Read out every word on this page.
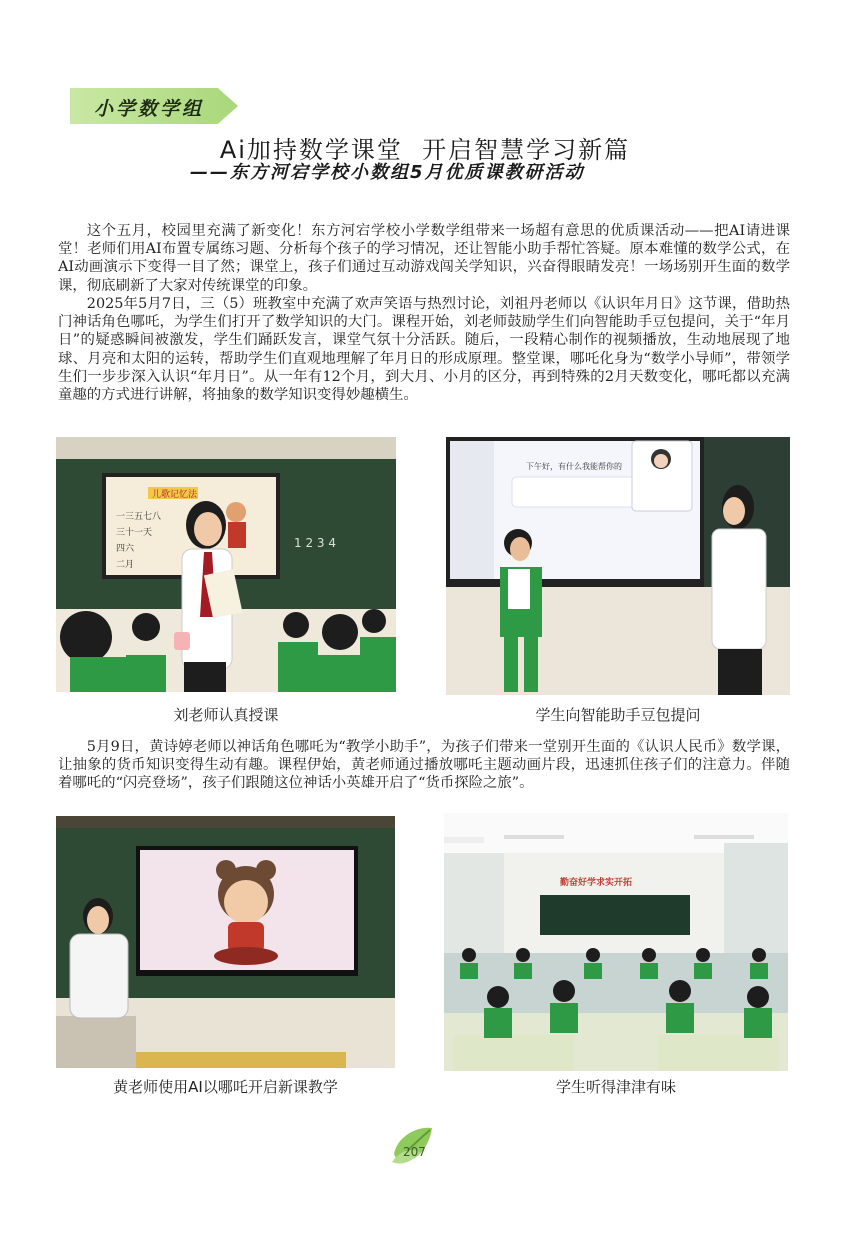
小学数学组
Ai加持数学课堂  开启智慧学习新篇
——东方河宕学校小数组5月优质课教研活动

这个五月，校园里充满了新变化！东方河宕学校小学数学组带来一场超有意思的优质课活动——把AI请进课堂！老师们用AI布置专属练习题、分析每个孩子的学习情况，还让智能小助手帮忙答疑。原本难懂的数学公式，在AI动画演示下变得一目了然；课堂上，孩子们通过互动游戏闯关学知识，兴奋得眼睛发亮！一场场别开生面的数学课，彻底刷新了大家对传统课堂的印象。

2025年5月7日，三（5）班教室中充满了欢声笑语与热烈讨论，刘祖丹老师以《认识年月日》这节课，借助热门神话角色哪吒，为学生们打开了数学知识的大门。课程开始，刘老师鼓励学生们向智能助手豆包提问，关于“年月日”的疑惑瞬间被激发，学生们踊跃发言，课堂气氛十分活跃。随后，一段精心制作的视频播放，生动地展现了地球、月亮和太阳的运转，帮助学生们直观地理解了年月日的形成原理。整堂课，哪吒化身为“数学小导师”，带领学生们一步步深入认识“年月日”。从一年有12个月，到大月、小月的区分，再到特殊的2月天数变化，哪吒都以充满童趣的方式进行讲解，将抽象的数学知识变得妙趣横生。

儿歌记忆法
一三五七八
三十一天
四六
二月
1 2 3 4
刘老师认真授课
下午好，有什么我能帮你的
学生向智能助手豆包提问

5月9日，黄诗婷老师以神话角色哪吒为“教学小助手”，为孩子们带来一堂别开生面的《认识人民币》数学课，让抽象的货币知识变得生动有趣。课程伊始，黄老师通过播放哪吒主题动画片段，迅速抓住孩子们的注意力。伴随着哪吒的“闪亮登场”，孩子们跟随这位神话小英雄开启了“货币探险之旅”。

黄老师使用AI以哪吒开启新课教学
勤奋好学求实开拓
学生听得津津有味
207
